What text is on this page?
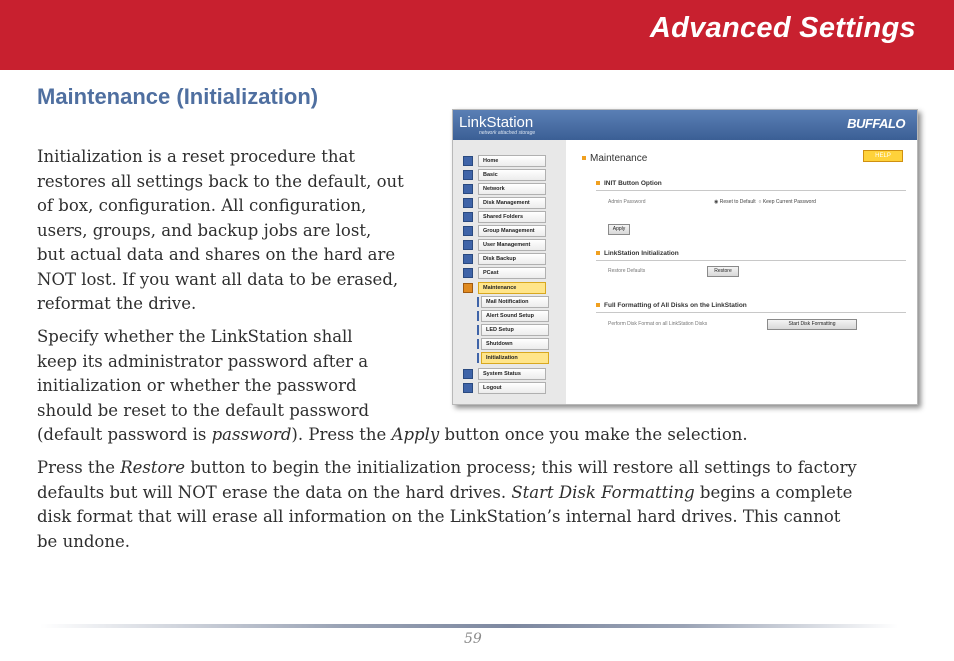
Advanced Settings
Maintenance (Initialization)
Initialization is a reset procedure that
restores all settings back to the default, out
of box, configuration. All configuration,
users, groups, and backup jobs are lost,
but actual data and shares on the hard are
NOT lost. If you want all data to be erased,
reformat the drive.
Specify whether the LinkStation shall
keep its administrator password after a
initialization or whether the password
should be reset to the default password
(default password is password). Press the Apply button once you make the selection.
Press the Restore button to begin the initialization process; this will restore all settings to factory
defaults but will NOT erase the data on the hard drives. Start Disk Formatting begins a complete
disk format that will erase all information on the LinkStation’s internal hard drives. This cannot
be undone.
LinkStation
network attached storage
BUFFALO
Home
Basic
Network
Disk Management
Shared Folders
Group Management
User Management
Disk Backup
PCast
Maintenance
Mail Notification
Alert Sound Setup
LED Setup
Shutdown
Initialization
System Status
Logout
Maintenance	HELP
INIT Button Option
Admin Password	◉ Reset to Default  ○ Keep Current Password
Apply
LinkStation Initialization
Restore Defaults	Restore
Full Formatting of All Disks on the LinkStation
Perform Disk Format on all LinkStation Disks	Start Disk Formatting
59
